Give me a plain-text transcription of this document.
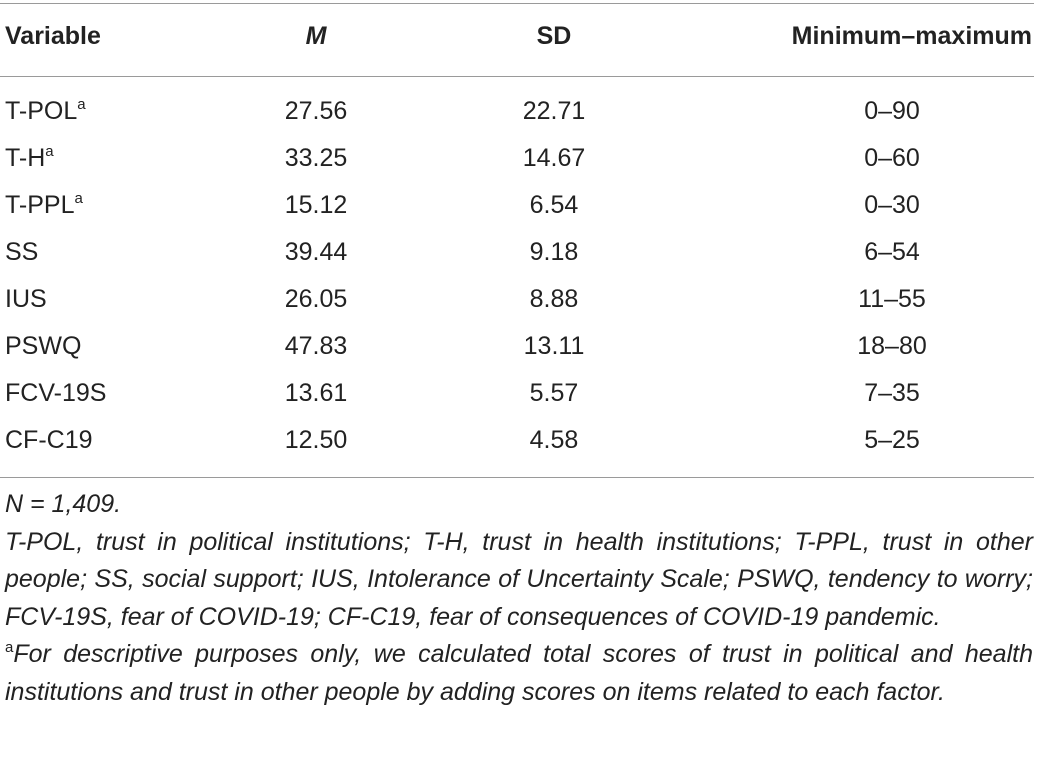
Variable	M	SD	Minimum–maximum
T-POL$^a$	27.56	22.71	0–90
T-H$^a$	33.25	14.67	0–60
T-PPL$^a$	15.12	6.54	0–30
SS	39.44	9.18	6–54
IUS	26.05	8.88	11–55
PSWQ	47.83	13.11	18–80
FCV-19S	13.61	5.57	7–35
CF-C19	12.50	4.58	5–25

N = 1,409.

T-POL, trust in political institutions; T-H, trust in health institutions; T-PPL, trust in other people; SS, social support; IUS, Intolerance of Uncertainty Scale; PSWQ, tendency to worry; FCV-19S, fear of COVID-19; CF-C19, fear of consequences of COVID-19 pandemic.

$^a$For descriptive purposes only, we calculated total scores of trust in political and health institutions and trust in other people by adding scores on items related to each factor.
